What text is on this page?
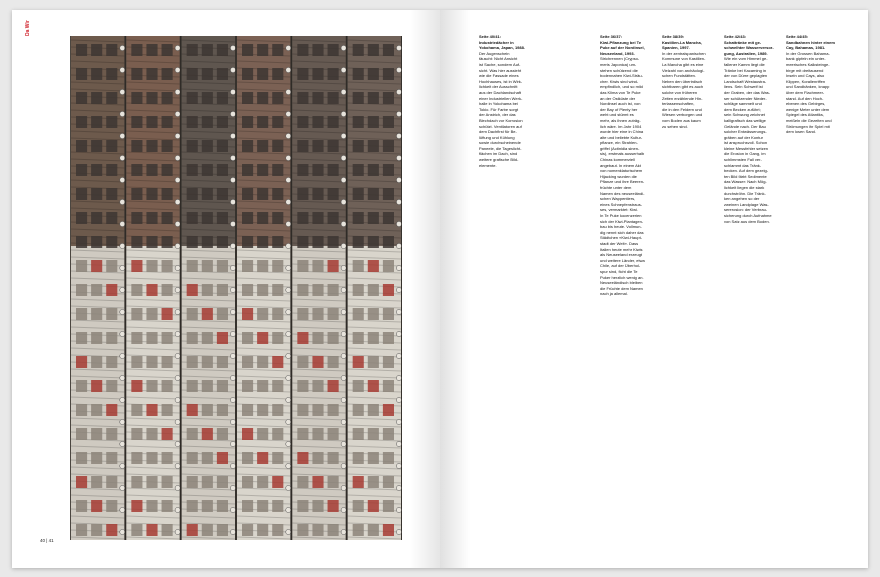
Da Wir
40 | 41

Seite 40/41:
Industriedächer in
Yokohama, Japan, 1988.

Der Augenschein
täuscht: Nicht Ansicht
ist Sache, sondern Auf-
sicht. Was hier aussieht
wie die Fassade eines
Hochhauses, ist in Wirk-
lichkeit der Ausschnitt
aus der Dachlandschaft
einer Industriellen Werk-
halle in Yokohama bei
Tokio. Für Farbe sorgt
der Anstrich, der das
Blechdach vor Korrosion
schützt. Ventilatoren auf
dem Dachfirst für Be-
lüftung und Kühlung
sowie durchscheinende
Paneele, die Tageslicht-
flächen im Dach, sind
weitere grafische Bild-
elemente.

Seite 36/37:
Kiwi-Pflanzung bei Te
Puke auf der Nordinsel,
Neuseeland, 1993.

Strichrennen (Crypso-
meris Japonica) um-
stehen schützend die
bodennahen Kiwi-Sträu-
cher. Kiwis sind wind-
empfindlich, und so mild
das Klima von Te Puke
an der Ostküste der
Nordinsel auch ist, von
der Bay of Plenty her
weht und stürmt es
mehr, als ihnen zuträg-
lich wäre. Im Jahr 1904
wurde hier eine in China
alte und beliebte Kultur-
pflanze, ein Strahlen-
griffel (Actinidia sinen-
sis), erstmals ausserhalb
Chinas kommerziell
angebaut. In einem Akt
von nomenklaturischem
Hijacking wurden die
Pflanze und ihre Beeren-
früchte unter dem
Namen des neuseeländi-
schen Wappentiers,
eines Schnepfenstraus-
ses, vermarktet: Kiwi.
In Te Puke kocenzerien
sich der Kiwi-Plantagen-
bau bis heute. Vollmun-
dig nennt sich daher das
Städtchen «Kiwi-Haupt-
stadt der Welt». Dass
Italien heute mehr Kiwis
als Neuseeland erzeugt
und weitere Länder, etwa
Chile, auf der Überhol-
spur sind, ficht die Te
Puker herzlich wenig an.
Neuseeländisch bleiben
die Früchte dem Namen
nach ja allemal.

Seite 38/39:
Kastilien-La Mancha,
Spanien, 1997.

In der zentralspanischen
Kommune von Kastilien-
La Mancha gibt es eine
Vielzahl von archäologi-
schen Fundstätten.
Neben den überirdisch
sichtbaren gibt es auch
solche von früheren
Zeiten erzählende Hin-
terlassenschaften,
die in den Feldern und
Wiesen verborgen und
vom Boden aus kaum
zu sehen sind.

Seite 42/43:
Schattränke mit ge-
schwelhter Wasserversor-
gung, Australien, 1989.

Wie ein vom Himmel ge-
fallener Kamm liegt die
Tränke bei Kacarning in
der von Dürre geplagten
Landschaft Westaustra-
liens. Sein Schweif ist
der Graben, der das Was-
ser schützender Nieder-
schläge sammelt und
dem Becken zuführt;
sein Schwung zeichnet
kalligrafisch das wellige
Gelände nach. Der Bau
solcher Entwässerungs-
gräben auf der Kontur
ist anspruchsvoll. Schon
kleine Messfehler setzen
die Erosion in Gang, im
schlimmsten Fall ver-
schlammt das Tränk-
becken. Auf dem gezeig-
ten Bild färbt Sedimente
das Wasser: Nach Mög-
lichkeit liegen die stark
durchströhn. Die Tränk-
ken angehen so der
zweinen Landplage Was-
sererosion: der Verbrau-
sicherung durch Aufnahme
von Satz aus dem Boden.

Seite 44/45:
Sandbahnen hinter einem
Cay, Bahamas, 1981.

In der Grossen Bahama-
bank gipfeln ein unter-
meerisches Kalksteinge-
birge mit dreitausend
Inseln und Cays, also
Klippen, Korallenriffen
und Sandbänken, knapp
über dem Flachmeer-
stand. Auf den Hoch-
ebenen des Gebirges,
wenige Meter unter dem
Spiegel des Atlantiks,
meißeln die Gezeiten und
Strömungen ihr Spiel mit
dem losen Sand.
